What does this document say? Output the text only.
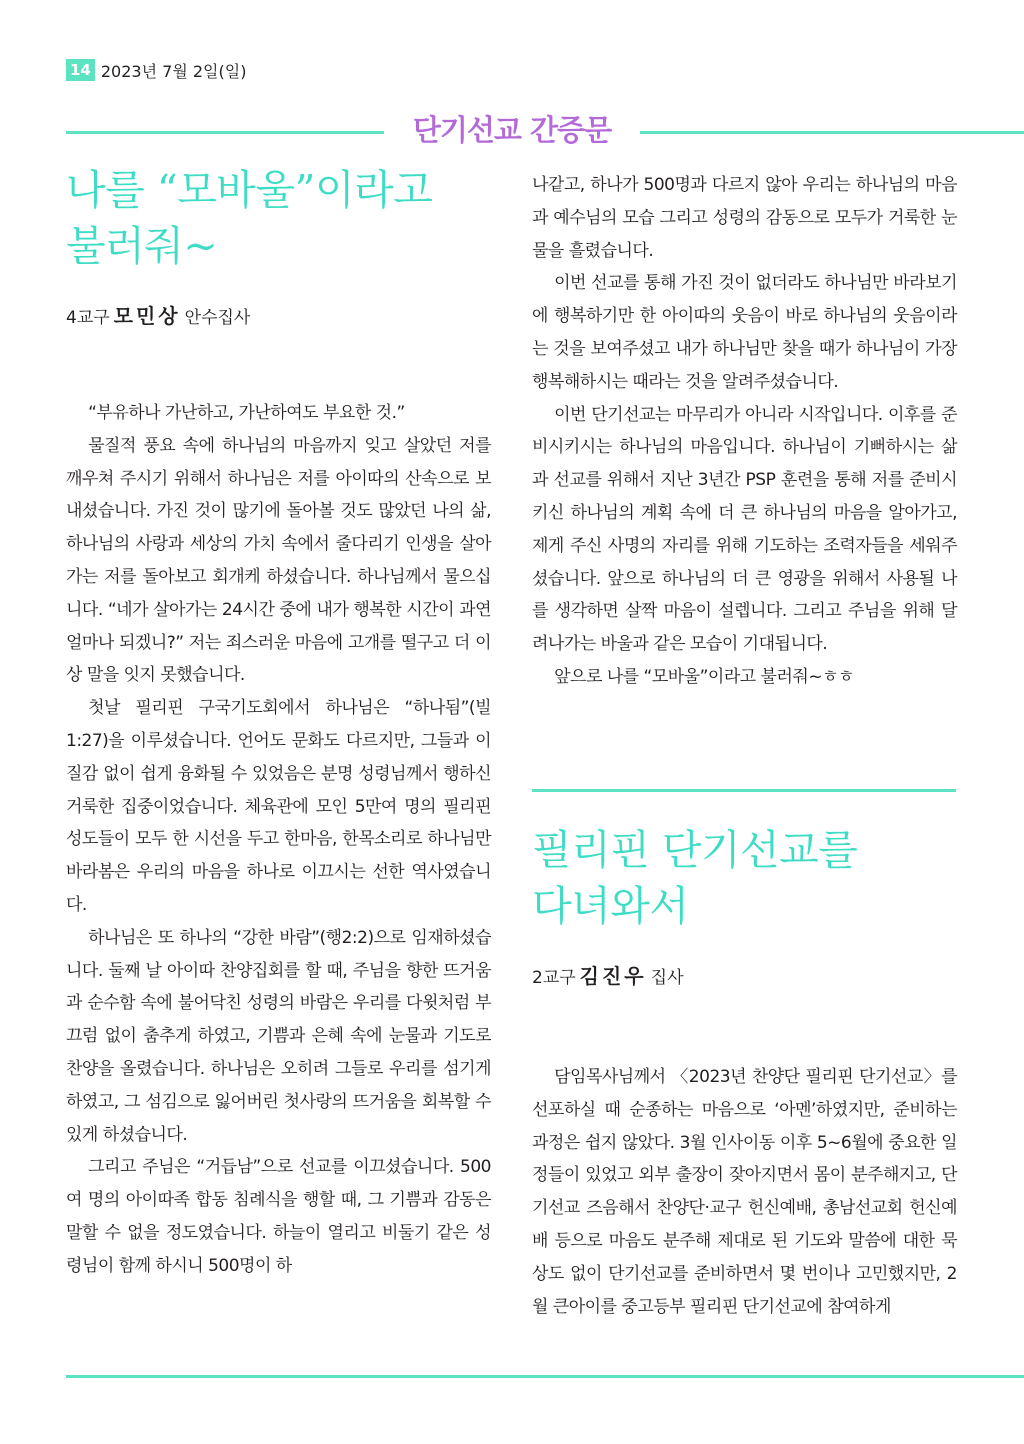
14 2023년 7월 2일(일)
단기선교 간증문
나를 “모바울”이라고
불러줘~
4교구 모민상 안수집사

“부유하나 가난하고, 가난하여도 부요한 것.”

물질적 풍요 속에 하나님의 마음까지 잊고 살았던 저를 깨우쳐 주시기 위해서 하나님은 저를 아이따의 산속으로 보내셨습니다. 가진 것이 많기에 돌아볼 것도 많았던 나의 삶, 하나님의 사랑과 세상의 가치 속에서 줄다리기 인생을 살아가는 저를 돌아보고 회개케 하셨습니다. 하나님께서 물으십니다. “네가 살아가는 24시간 중에 내가 행복한 시간이 과연 얼마나 되겠니?” 저는 죄스러운 마음에 고개를 떨구고 더 이상 말을 잇지 못했습니다.

첫날 필리핀 구국기도회에서 하나님은 “하나됨”(빌 1:27)을 이루셨습니다. 언어도 문화도 다르지만, 그들과 이질감 없이 쉽게 융화될 수 있었음은 분명 성령님께서 행하신 거룩한 집중이었습니다. 체육관에 모인 5만여 명의 필리핀 성도들이 모두 한 시선을 두고 한마음, 한목소리로 하나님만 바라봄은 우리의 마음을 하나로 이끄시는 선한 역사였습니다.

하나님은 또 하나의 “강한 바람”(행2:2)으로 임재하셨습니다. 둘째 날 아이따 찬양집회를 할 때, 주님을 향한 뜨거움과 순수함 속에 불어닥친 성령의 바람은 우리를 다윗처럼 부끄럼 없이 춤추게 하였고, 기쁨과 은혜 속에 눈물과 기도로 찬양을 올렸습니다. 하나님은 오히려 그들로 우리를 섬기게 하였고, 그 섬김으로 잃어버린 첫사랑의 뜨거움을 회복할 수 있게 하셨습니다.

그리고 주님은 “거듭남”으로 선교를 이끄셨습니다. 500여 명의 아이따족 합동 침례식을 행할 때, 그 기쁨과 감동은 말할 수 없을 정도였습니다. 하늘이 열리고 비둘기 같은 성령님이 함께 하시니 500명이 하

나같고, 하나가 500명과 다르지 않아 우리는 하나님의 마음과 예수님의 모습 그리고 성령의 감동으로 모두가 거룩한 눈물을 흘렸습니다.

이번 선교를 통해 가진 것이 없더라도 하나님만 바라보기에 행복하기만 한 아이따의 웃음이 바로 하나님의 웃음이라는 것을 보여주셨고 내가 하나님만 찾을 때가 하나님이 가장 행복해하시는 때라는 것을 알려주셨습니다.

이번 단기선교는 마무리가 아니라 시작입니다. 이후를 준비시키시는 하나님의 마음입니다. 하나님이 기뻐하시는 삶과 선교를 위해서 지난 3년간 PSP 훈련을 통해 저를 준비시키신 하나님의 계획 속에 더 큰 하나님의 마음을 알아가고, 제게 주신 사명의 자리를 위해 기도하는 조력자들을 세워주셨습니다. 앞으로 하나님의 더 큰 영광을 위해서 사용될 나를 생각하면 살짝 마음이 설렙니다. 그리고 주님을 위해 달려나가는 바울과 같은 모습이 기대됩니다.

앞으로 나를 “모바울”이라고 불러줘~ㅎㅎ

필리핀 단기선교를
다녀와서
2교구 김진우 집사

담임목사님께서 〈2023년 찬양단 필리핀 단기선교〉를 선포하실 때 순종하는 마음으로 ‘아멘’하였지만, 준비하는 과정은 쉽지 않았다. 3월 인사이동 이후 5~6월에 중요한 일정들이 있었고 외부 출장이 잦아지면서 몸이 분주해지고, 단기선교 즈음해서 찬양단·교구 헌신예배, 총남선교회 헌신예배 등으로 마음도 분주해 제대로 된 기도와 말씀에 대한 묵상도 없이 단기선교를 준비하면서 몇 번이나 고민했지만, 2월 큰아이를 중고등부 필리핀 단기선교에 참여하게
